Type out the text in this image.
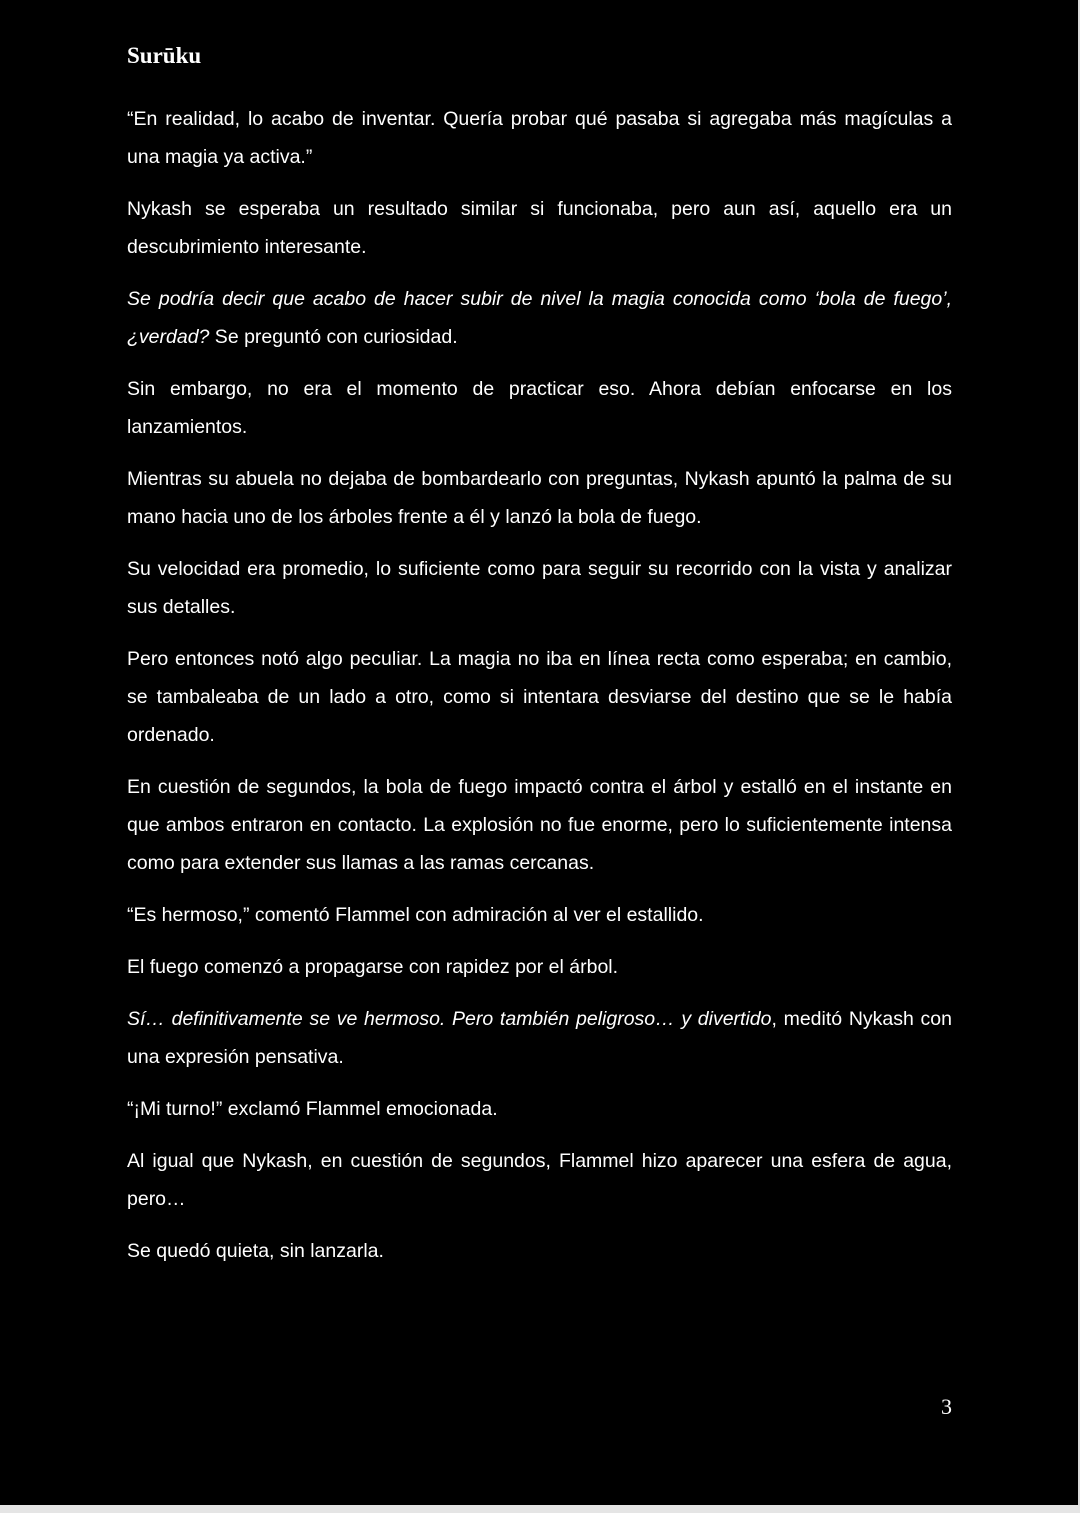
Surūku

“En realidad, lo acabo de inventar. Quería probar qué pasaba si agregaba más magículas a una magia ya activa.”

Nykash se esperaba un resultado similar si funcionaba, pero aun así, aquello era un descubrimiento interesante.

Se podría decir que acabo de hacer subir de nivel la magia conocida como ‘bola de fuego’, ¿verdad? Se preguntó con curiosidad.

Sin embargo, no era el momento de practicar eso. Ahora debían enfocarse en los lanzamientos.

Mientras su abuela no dejaba de bombardearlo con preguntas, Nykash apuntó la palma de su mano hacia uno de los árboles frente a él y lanzó la bola de fuego.

Su velocidad era promedio, lo suficiente como para seguir su recorrido con la vista y analizar sus detalles.

Pero entonces notó algo peculiar. La magia no iba en línea recta como esperaba; en cambio, se tambaleaba de un lado a otro, como si intentara desviarse del destino que se le había ordenado.

En cuestión de segundos, la bola de fuego impactó contra el árbol y estalló en el instante en que ambos entraron en contacto. La explosión no fue enorme, pero lo suficientemente intensa como para extender sus llamas a las ramas cercanas.

“Es hermoso,” comentó Flammel con admiración al ver el estallido.

El fuego comenzó a propagarse con rapidez por el árbol.

Sí… definitivamente se ve hermoso. Pero también peligroso… y divertido, meditó Nykash con una expresión pensativa.

“¡Mi turno!” exclamó Flammel emocionada.

Al igual que Nykash, en cuestión de segundos, Flammel hizo aparecer una esfera de agua, pero…

Se quedó quieta, sin lanzarla.

3
